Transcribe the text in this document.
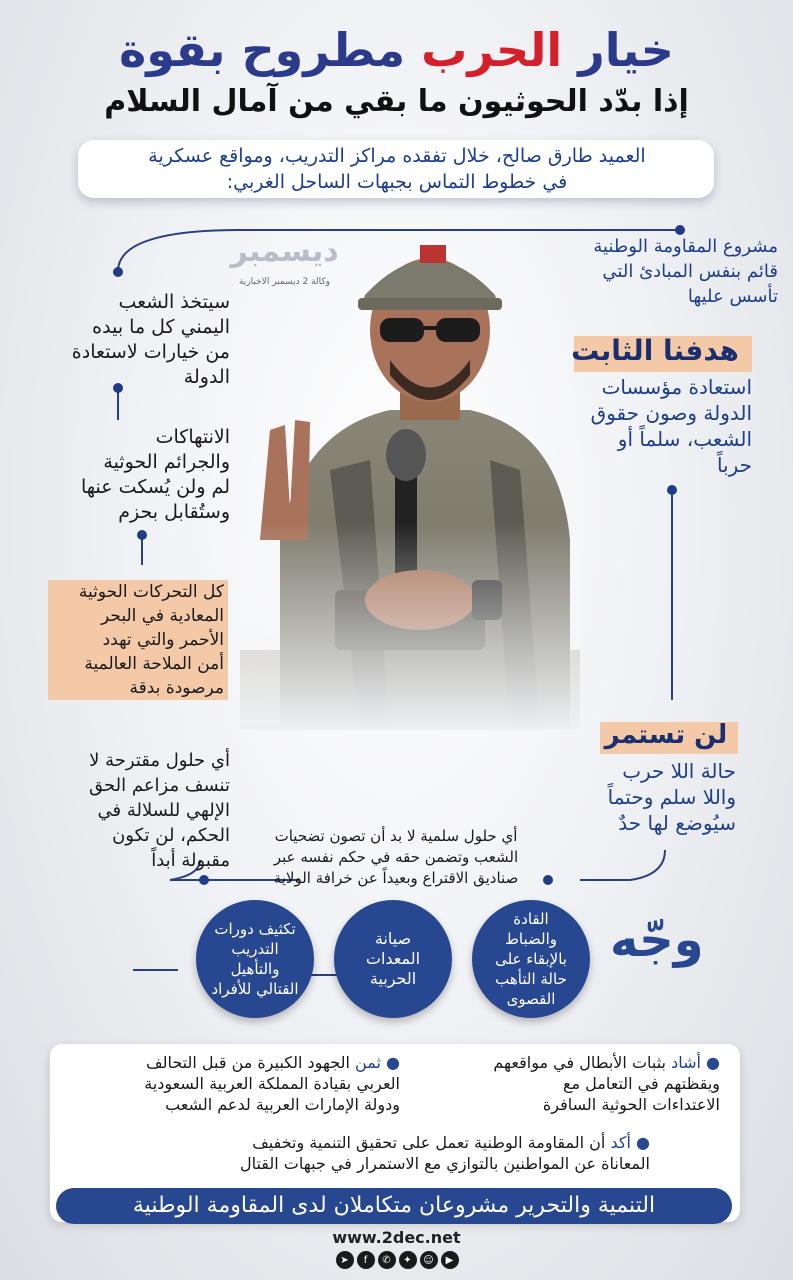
خيار الحرب مطروح بقوة
إذا بدّد الحوثيون ما بقي من آمال السلام
العميد طارق صالح، خلال تفقده مراكز التدريب، ومواقع عسكرية
في خطوط التماس بجبهات الساحل الغربي:
ديسمبر
وكالة 2 ديسمبر الاخبارية
مشروع المقاومة الوطنية
قائم بنفس المبادئ التي
تأسس عليها
هدفنا الثابت
استعادة مؤسسات
الدولة وصون حقوق
الشعب، سلماً أو
حرباً
لن تستمر
حالة اللا حرب
واللا سلم وحتماً
سيُوضع لها حدٌ
سيتخذ الشعب
اليمني كل ما بيده
من خيارات لاستعادة
الدولة
الانتهاكات
والجرائم الحوثية
لم ولن يُسكت عنها
وستُقابل بحزم
كل التحركات الحوثية
المعادية في البحر
الأحمر والتي تهدد
أمن الملاحة العالمية
مرصودة بدقة
أي حلول مقترحة لا
تنسف مزاعم الحق
الإلهي للسلالة في
الحكم، لن تكون
مقبولة أبداً
أي حلول سلمية لا بد أن تصون تضحيات
الشعب وتضمن حقه في حكم نفسه عبر
صناديق الاقتراع وبعيداً عن خرافة الولاية
وجّه
القادة والضباط بالإبقاء على حالة التأهب القصوى
صيانة المعدات الحربية
تكثيف دورات التدريب والتأهيل القتالي للأفراد
● أشاد بثبات الأبطال في مواقعهم
ويقظتهم في التعامل مع
الاعتداءات الحوثية السافرة
● ثمن الجهود الكبيرة من قبل التحالف
العربي بقيادة المملكة العربية السعودية
ودولة الإمارات العربية لدعم الشعب
● أكد أن المقاومة الوطنية تعمل على تحقيق التنمية وتخفيف
المعاناة عن المواطنين بالتوازي مع الاستمرار في جبهات القتال
التنمية والتحرير مشروعان متكاملان لدى المقاومة الوطنية
www.2dec.net
➤	f	✆	✦	☺	▶
